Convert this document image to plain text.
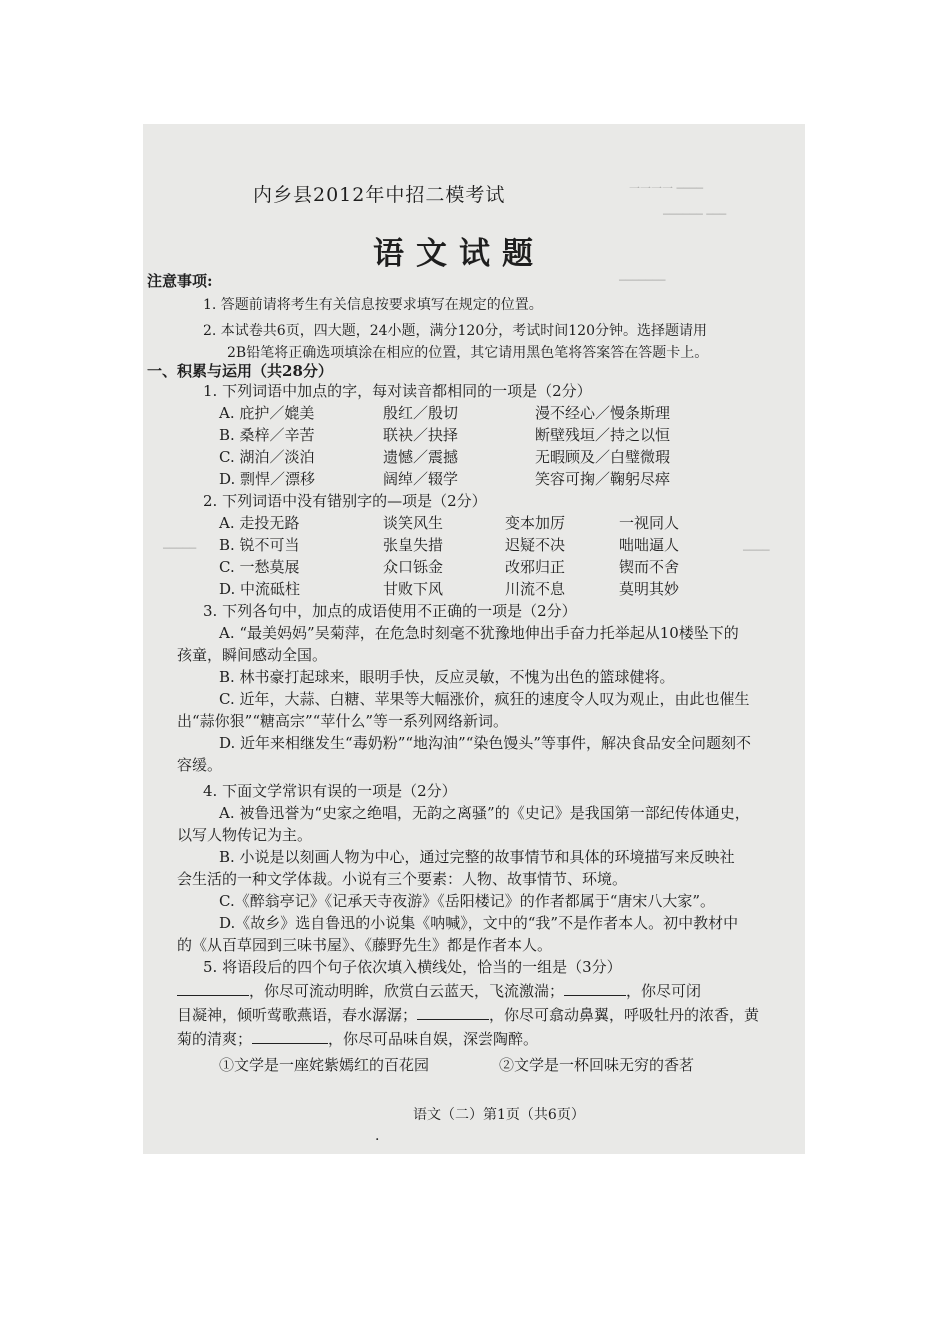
一一一一 ────
────── ───
───────
─────	────
内乡县2012年中招二模考试
语文试题
注意事项:
1. 答题前请将考生有关信息按要求填写在规定的位置。
2. 本试卷共6页，四大题，24小题，满分120分，考试时间120分钟。选择题请用
2B铅笔将正确选项填涂在相应的位置，其它请用黑色笔将答案答在答题卡上。
一、积累与运用（共28分）
1. 下列词语中加点的字，每对读音都相同的一项是（2分）
A. 庇护／媲美	殷红／殷切	漫不经心／慢条斯理
B. 桑梓／辛苦	联袂／抉择	断壁残垣／持之以恒
C. 湖泊／淡泊	遗憾／震撼	无暇顾及／白璧微瑕
D. 剽悍／漂移	阔绰／辍学	笑容可掬／鞠躬尽瘁
2. 下列词语中没有错别字的—项是（2分）
A. 走投无路	谈笑风生	变本加厉	一视同人
B. 锐不可当	张皇失措	迟疑不决	咄咄逼人
C. 一愁莫展	众口铄金	改邪归正	锲而不舍
D. 中流砥柱	甘败下风	川流不息	莫明其妙
3. 下列各句中，加点的成语使用不正确的一项是（2分）
A. “最美妈妈”吴菊萍，在危急时刻毫不犹豫地伸出手奋力托举起从10楼坠下的
孩童，瞬间感动全国。
B. 林书豪打起球来，眼明手快，反应灵敏，不愧为出色的篮球健将。
C. 近年，大蒜、白糖、苹果等大幅涨价，疯狂的速度令人叹为观止，由此也催生
出“蒜你狠”“糖高宗”“苹什么”等一系列网络新词。
D. 近年来相继发生“毒奶粉”“地沟油”“染色馒头”等事件，解决食品安全问题刻不
容缓。
4. 下面文学常识有误的一项是（2分）
A. 被鲁迅誉为“史家之绝唱，无韵之离骚”的《史记》是我国第一部纪传体通史，
以写人物传记为主。
B. 小说是以刻画人物为中心，通过完整的故事情节和具体的环境描写来反映社
会生活的一种文学体裁。小说有三个要素：人物、故事情节、环境。
C.《醉翁亭记》《记承天寺夜游》《岳阳楼记》的作者都属于“唐宋八大家”。
D.《故乡》选自鲁迅的小说集《呐喊》，文中的“我”不是作者本人。初中教材中
的《从百草园到三味书屋》、《藤野先生》都是作者本人。
5. 将语段后的四个句子依次填入横线处，恰当的一组是（3分）
，你尽可流动明眸，欣赏白云蓝天，飞流激湍；	，你尽可闭
目凝神，倾听莺歌燕语，春水潺潺；	，你尽可翕动鼻翼，呼吸牡丹的浓香，黄
菊的清爽；	，你尽可品味自娱，深尝陶醉。
①文学是一座姹紫嫣红的百花园	②文学是一杯回味无穷的香茗
语文（二）第1页（共6页）
·
